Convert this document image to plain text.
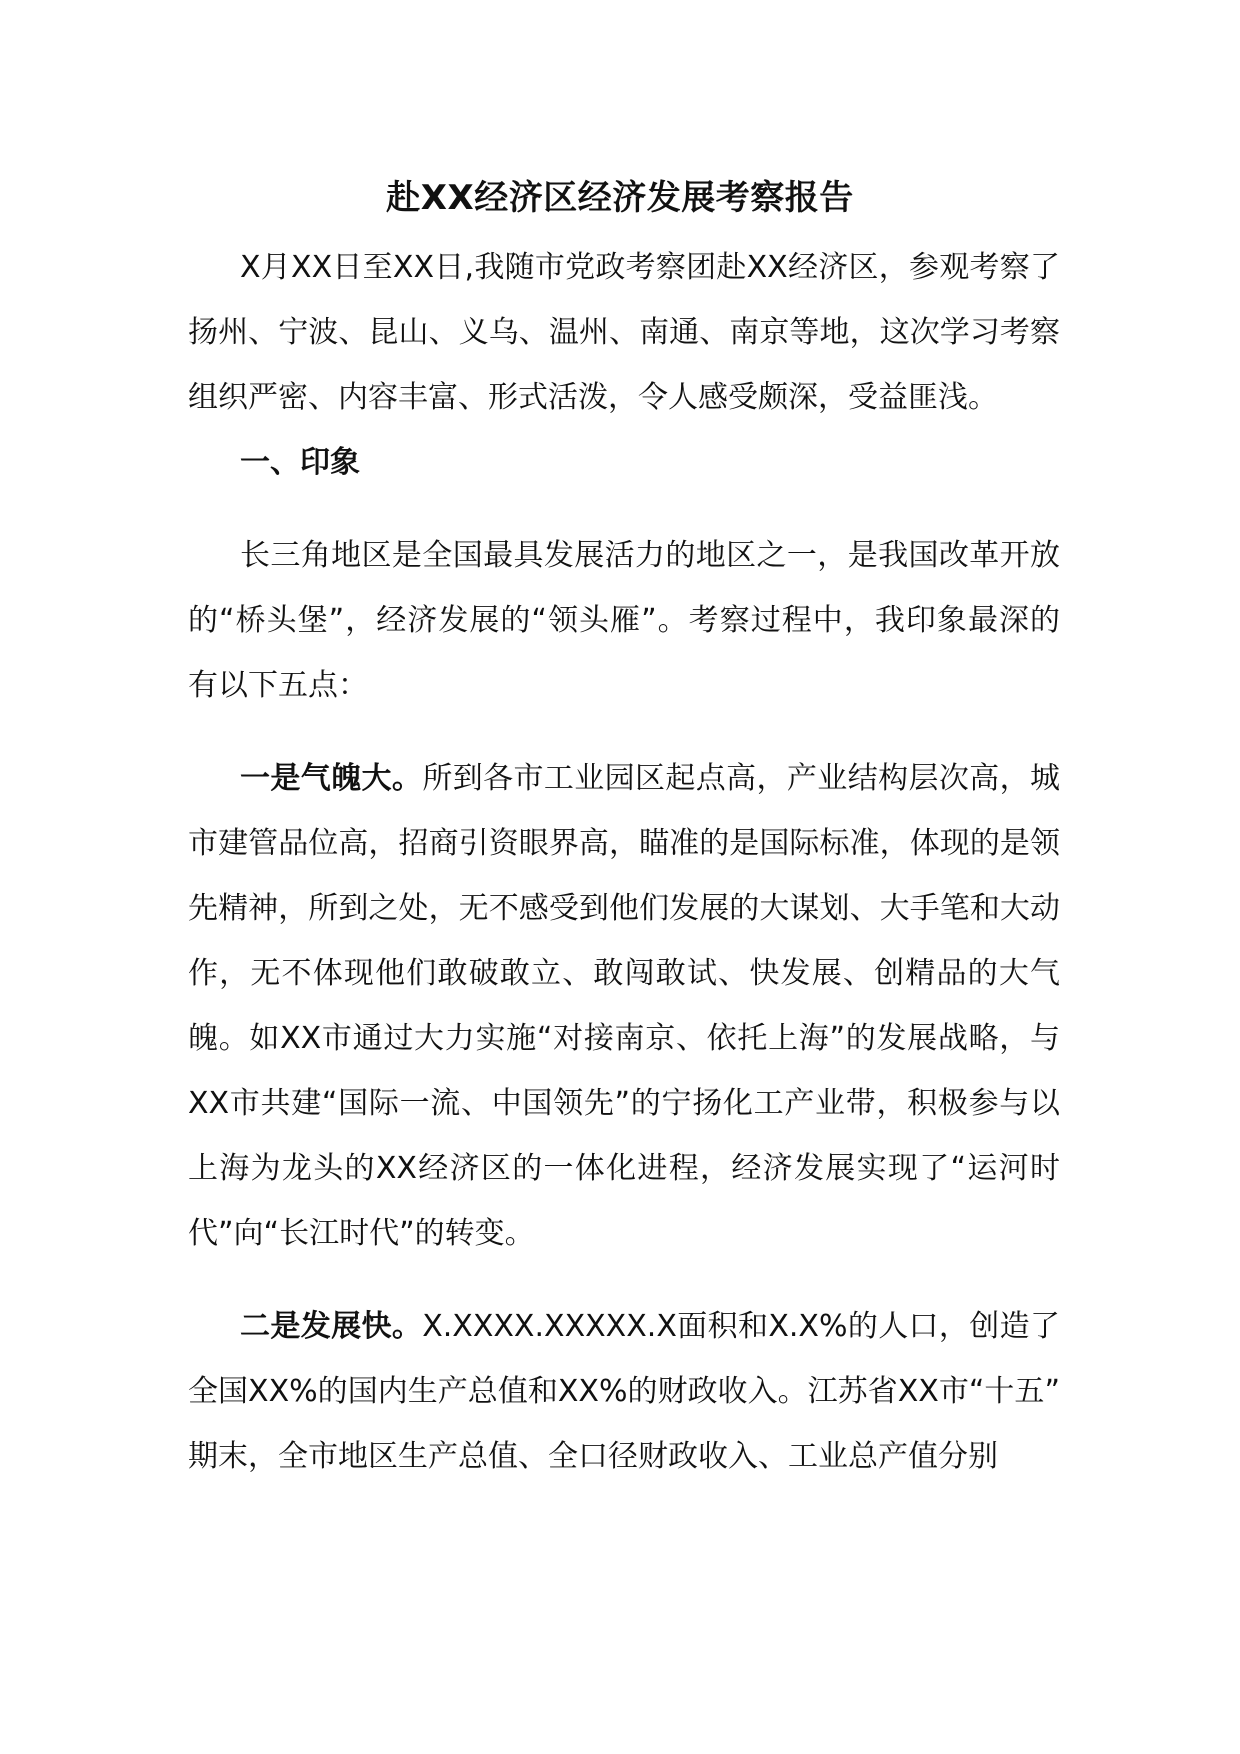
赴XX经济区经济发展考察报告

X月XX日至XX日,我随市党政考察团赴XX经济区，参观考察了扬州、宁波、昆山、义乌、温州、南通、南京等地，这次学习考察组织严密、内容丰富、形式活泼，令人感受颇深，受益匪浅。

一、印象

长三角地区是全国最具发展活力的地区之一，是我国改革开放的“桥头堡”，经济发展的“领头雁”。考察过程中，我印象最深的有以下五点：

一是气魄大。所到各市工业园区起点高，产业结构层次高，城市建管品位高，招商引资眼界高，瞄准的是国际标准，体现的是领先精神，所到之处，无不感受到他们发展的大谋划、大手笔和大动作，无不体现他们敢破敢立、敢闯敢试、快发展、创精品的大气魄。如XX市通过大力实施“对接南京、依托上海”的发展战略，与XX市共建“国际一流、中国领先”的宁扬化工产业带，积极参与以上海为龙头的XX经济区的一体化进程，经济发展实现了“运河时代”向“长江时代”的转变。

二是发展快。X.XXXX.XXXXX.X面积和X.X%的人口，创造了全国XX%的国内生产总值和XX%的财政收入。江苏省XX市“十五” 期末，全市地区生产总值、全口径财政收入、工业总产值分别
